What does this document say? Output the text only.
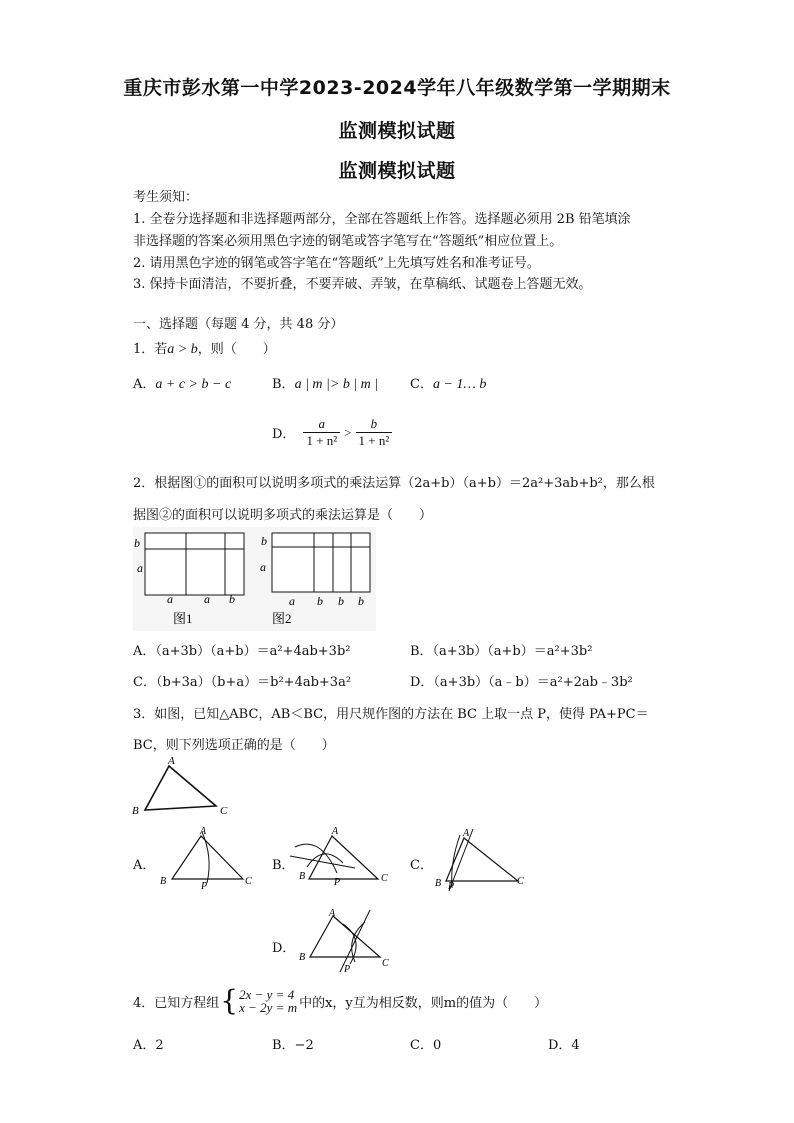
重庆市彭水第一中学2023-2024学年八年级数学第一学期期末
监测模拟试题
监测模拟试题
考生须知：
1. 全卷分选择题和非选择题两部分，全部在答题纸上作答。选择题必须用 2B 铅笔填涂
非选择题的答案必须用黑色字迹的钢笔或答字笔写在“答题纸”相应位置上。
2. 请用黑色字迹的钢笔或答字笔在“答题纸”上先填写姓名和准考证号。
3. 保持卡面清洁，不要折叠，不要弄破、弄皱，在草稿纸、试题卷上答题无效。
一、选择题（每题 4 分，共 48 分）
1．若a > b，则（　　）
A．a + c > b − c	B．a | m |> b | m | C．a − 1… b
D． $\frac{a}{\text{1 + n²}} > \frac{b}{\text{1 + n²}}$
2．根据图①的面积可以说明多项式的乘法运算（2a+b）（a+b）＝2a²+3ab+b²，那么根
据图②的面积可以说明多项式的乘法运算是（　　）
b
a
a	a b
图1
b
a
a b b b
图2
A．（a+3b）（a+b）＝a²+4ab+3b²	B．（a+3b）（a+b）＝a²+3b²
C．（b+3a）（b+a）＝b²+4ab+3a²	D．（a+3b）（a﹣b）＝a²+2ab﹣3b²
3．如图，已知△ABC，AB＜BC，用尺规作图的方法在 BC 上取一点 P，使得 PA+PC＝
BC，则下列选项正确的是（　　）
A
B	C
A．
A
B	C
P
B．
A
B	C
P
C．
A
B	C
P
D．
A
B
C
P
4．已知方程组 { 2x − y = 4
x − 2y = m 中的x，y互为相反数，则m的值为（　　）
A．2	B．−2	C．0	D．4
